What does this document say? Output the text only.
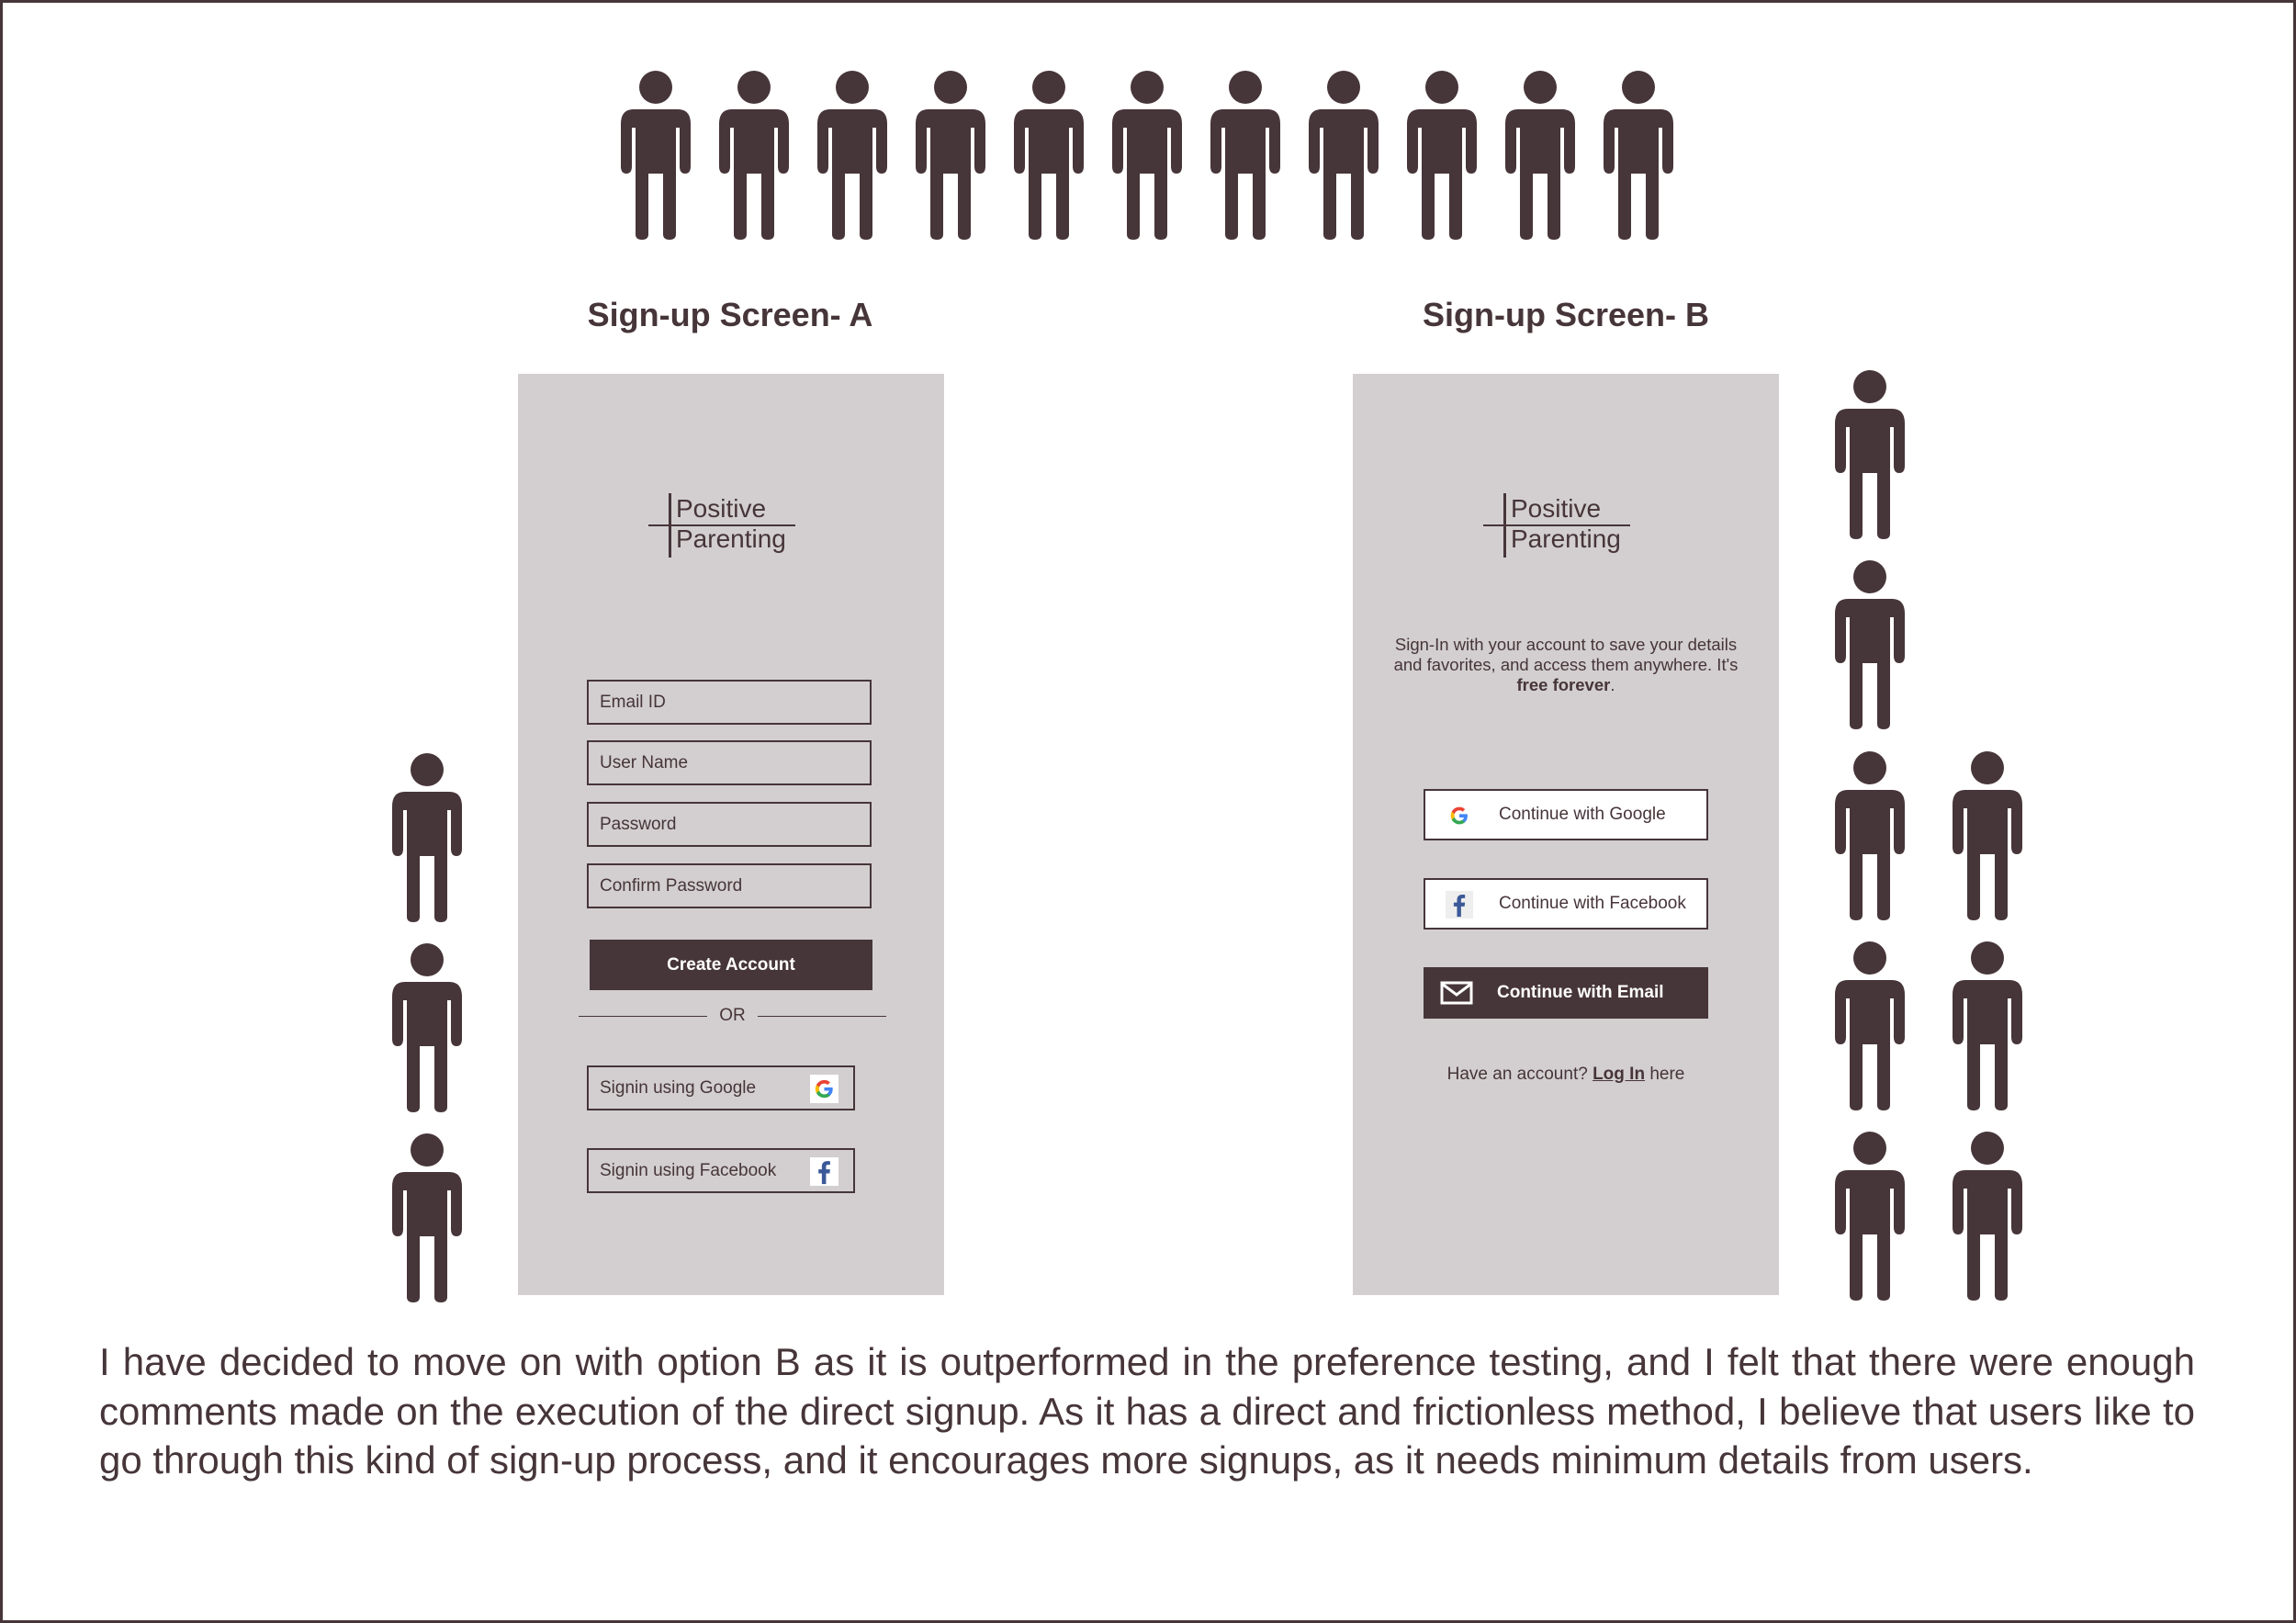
Sign-up Screen- A
Positive
Parenting
Email ID
User Name
Password
Confirm Password
Create Account
OR
Signin using Google
Signin using Facebook
Sign-up Screen- B
Positive
Parenting
Sign-In with your account to save your details and favorites, and access them anywhere. It's
free forever.
Continue with Google
Continue with Facebook
Continue with Email
Have an account? Log In here
I have decided to move on with option B as it is outperformed in the preference testing, and I felt that there were enough comments made on the execution of the direct signup. As it has a direct and frictionless method, I believe that users like to go through this kind of sign-up process, and it encourages more signups, as it needs minimum details from users.
